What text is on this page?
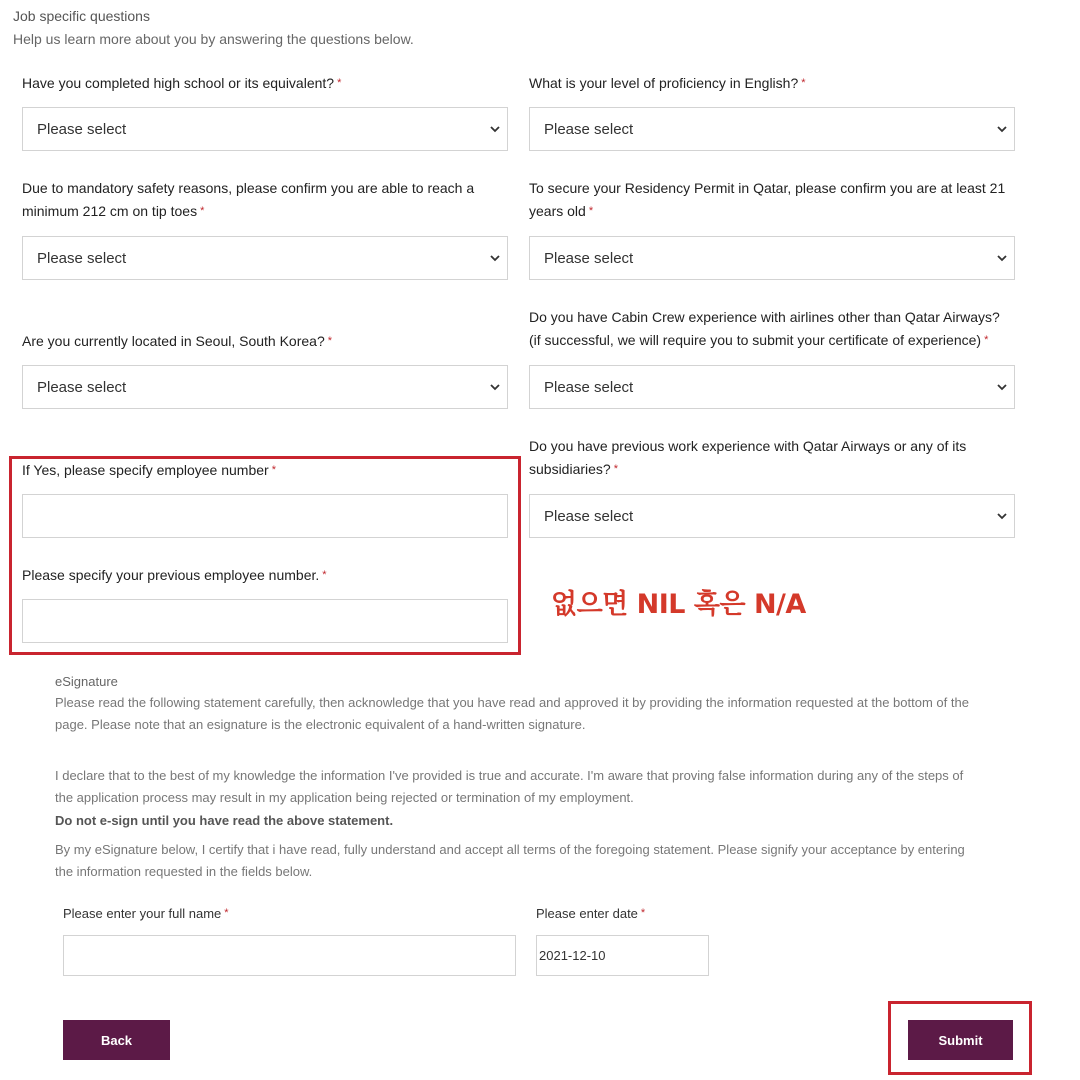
Job specific questions
Help us learn more about you by answering the questions below.
Have you completed high school or its equivalent? *
Please select
What is your level of proficiency in English? *
Please select
Due to mandatory safety reasons, please confirm you are able to reach a
minimum 212 cm on tip toes *
Please select
To secure your Residency Permit in Qatar, please confirm you are at least 21
years old *
Please select
Are you currently located in Seoul, South Korea? *
Please select
Do you have Cabin Crew experience with airlines other than Qatar Airways?
(if successful, we will require you to submit your certificate of experience) *
Please select
If Yes, please specify employee number *
Please specify your previous employee number. *
Do you have previous work experience with Qatar Airways or any of its
subsidiaries? *
Please select
없으면 NIL 혹은 N/A
eSignature
Please read the following statement carefully, then acknowledge that you have read and approved it by providing the information requested at the bottom of the
page. Please note that an esignature is the electronic equivalent of a hand-written signature.
I declare that to the best of my knowledge the information I've provided is true and accurate. I'm aware that proving false information during any of the steps of
the application process may result in my application being rejected or termination of my employment.
Do not e-sign until you have read the above statement.
By my eSignature below, I certify that i have read, fully understand and accept all terms of the foregoing statement. Please signify your acceptance by entering
the information requested in the fields below.
Please enter your full name *	Please enter date *
2021-12-10
Back	Submit
